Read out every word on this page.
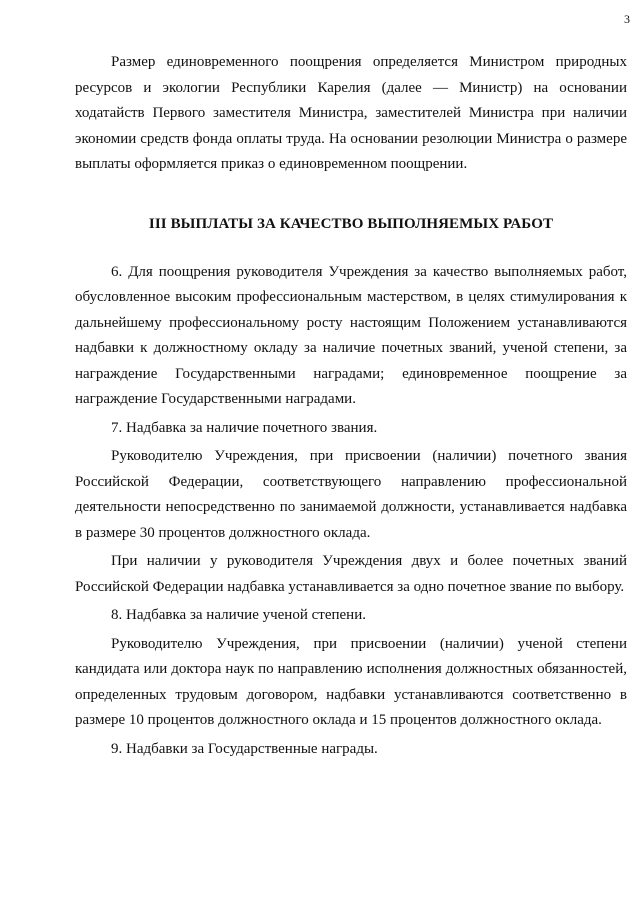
3

Размер единовременного поощрения определяется Министром природных ресурсов и экологии Республики Карелия (далее — Министр) на основании ходатайств Первого заместителя Министра, заместителей Министра при наличии экономии средств фонда оплаты труда. На основании резолюции Министра о размере выплаты оформляется приказ о единовременном поощрении.

III ВЫПЛАТЫ ЗА КАЧЕСТВО ВЫПОЛНЯЕМЫХ РАБОТ

6. Для поощрения руководителя Учреждения за качество выполняемых работ, обусловленное высоким профессиональным мастерством, в целях стимулирования к дальнейшему профессиональному росту настоящим Положением устанавливаются надбавки к должностному окладу за наличие почетных званий, ученой степени, за награждение Государственными наградами; единовременное поощрение за награждение Государственными наградами.

7. Надбавка за наличие почетного звания.

Руководителю Учреждения, при присвоении (наличии) почетного звания Российской Федерации, соответствующего направлению профессиональной деятельности непосредственно по занимаемой должности, устанавливается надбавка в размере 30 процентов должностного оклада.

При наличии у руководителя Учреждения двух и более почетных званий Российской Федерации надбавка устанавливается за одно почетное звание по выбору.

8. Надбавка за наличие ученой степени.

Руководителю Учреждения, при присвоении (наличии) ученой степени кандидата или доктора наук по направлению исполнения должностных обязанностей, определенных трудовым договором, надбавки устанавливаются соответственно в размере 10 процентов должностного оклада и 15 процентов должностного оклада.

9. Надбавки за Государственные награды.
